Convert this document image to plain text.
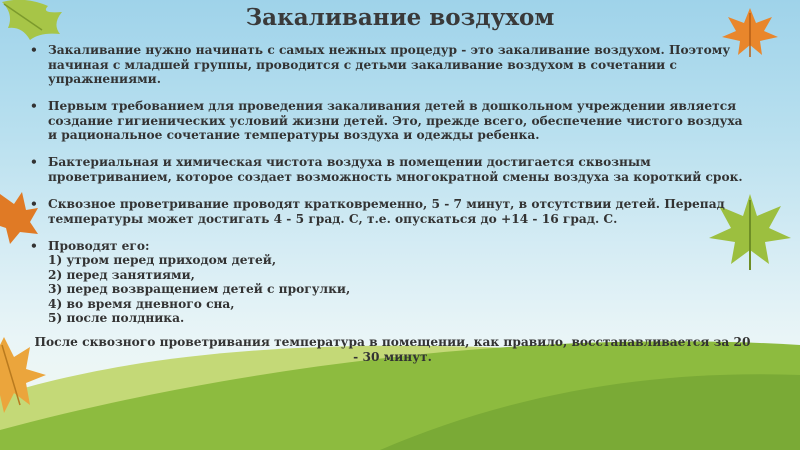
Закаливание воздухом

• Закаливание нужно начинать с самых нежных процедур - это закаливание воздухом. Поэтому начиная с младшей группы, проводится с детьми закаливание воздухом в сочетании с упражнениями.

• Первым требованием для проведения закаливания детей в дошкольном учреждении является создание гигиенических условий жизни детей. Это, прежде всего, обеспечение чистого воздуха и рациональное сочетание температуры воздуха и одежды ребенка.

• Бактериальная и химическая чистота воздуха в помещении достигается сквозным проветриванием, которое создает возможность многократной смены воздуха за короткий срок.

• Сквозное проветривание проводят кратковременно, 5 - 7 минут, в отсутствии детей. Перепад температуры может достигать 4 - 5 град. С, т.е. опускаться до +14 - 16 град. С.

• Проводят его:
1) утром перед приходом детей,
2) перед занятиями,
3) перед возвращением детей с прогулки,
4) во время дневного сна,
5) после полдника.

После сквозного проветривания температура в помещении, как правило, восстанавливается за 20 - 30 минут.
